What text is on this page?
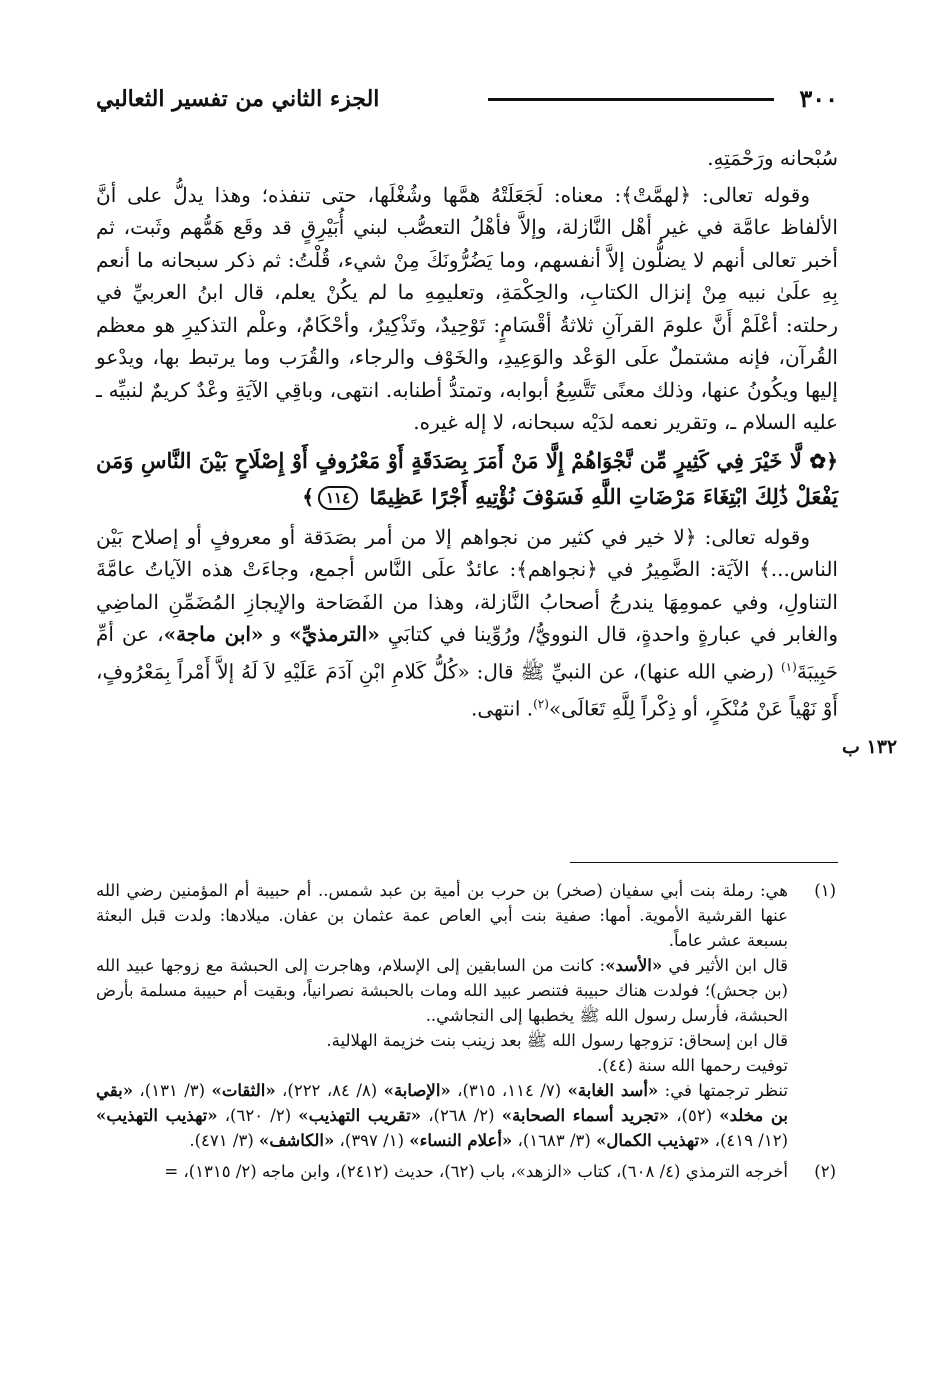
٣٠٠
الجزء الثاني من تفسير الثعالبي

سُبْحانه ورَحْمَتِهِ.

وقوله تعالى: ﴿لهمَّتْ﴾: معناه: لَجَعَلَتْهُ همَّها وشُغْلَها، حتى تنفذه؛ وهذا يدلُّ على أنَّ الألفاظ عامَّة في غير أهْل النَّازلة، وإلاَّ فأهْلُ التعصُّب لبني أُبَيْرِقٍ قد وقَع هَمُّهم وثَبت، ثم أخبر تعالى أنهم لا يضلُّون إلاَّ أنفسهم، وما يَضُرُّونَكَ مِنْ شيء، قُلْتُ: ثم ذكر سبحانه ما أنعم بِهِ علَىٰ نبيه مِنْ إنزال الكتابِ، والحِكْمَةِ، وتعليمِهِ ما لم يكُنْ يعلم، قال ابنُ العربيِّ في رحلته: أعْلَمْ أَنَّ علومَ القرآنِ ثلاثةُ أقْسَامٍ: تَوْحِيدٌ، وتَذْكِيرٌ، وأحْكَامٌ، وعلْم التذكيرِ هو معظم القُرآن، فإنه مشتملٌ علَى الوَعْد والوَعِيدِ، والخَوْف والرجاء، والقُرَب وما يرتبط بها، ويدْعو إليها ويكُونُ عنها، وذلك معنًى تَتَّسِعُ أبوابه، وتمتدُّ أطنابه. انتهى، وباقِي الآيَةِ وعْدٌ كريمٌ لنبيِّه ـ عليه السلام ـ، وتقرير نعمه لدَيْه سبحانه، لا إله غيره.

﴿✿ لَّا خَيْرَ فِي كَثِيرٍ مِّن نَّجْوَاهُمْ إِلَّا مَنْ أَمَرَ بِصَدَقَةٍ أَوْ مَعْرُوفٍ أَوْ إِصْلَاحٍ بَيْنَ النَّاسِ وَمَن يَفْعَلْ ذَٰلِكَ ابْتِغَاءَ مَرْضَاتِ اللَّهِ فَسَوْفَ نُؤْتِيهِ أَجْرًا عَظِيمًا ١١٤﴾

وقوله تعالى: ﴿لا خير في كثير من نجواهم إلا من أمر بصَدَقة أو معروفٍ أو إصلاح بَيْن الناس...﴾ الآيَة: الضَّمِيرُ في ﴿نجواهم﴾: عائدٌ علَى النَّاس أجمع، وجاءَتْ هذه الآياتُ عامَّةَ التناولِ، وفي عمومِهَا يندرجُ أصحابُ النَّازلة، وهذا من الفَصَاحة والإيجازِ المُضَمِّنِ الماضِي والغابر في عبارةٍ واحدةٍ، قال النوويُّ/ ورُوِّينا في كتابَيِ «الترمذيِّ» و «ابن ماجة»، عن أمِّ حَبِيبَةَ$^{(١)}$ (رضي الله عنها)، عن النبيِّ ﷺ قال: «كُلُّ كَلامِ ابْنِ آدَمَ عَلَيْهِ لاَ لَهُ إلاَّ أَمْراً بِمَعْرُوفٍ، أَوْ نَهْياً عَنْ مُنْكَرٍ، أو ذِكْراً لِلَّهِ تَعَالَى»$^{(٢)}$. انتهى.

١٣٢ ب

(١)
هي: رملة بنت أبي سفيان (صخر) بن حرب بن أمية بن عبد شمس.. أم حبيبة أم المؤمنين رضي الله عنها القرشية الأموية. أمها: صفية بنت أبي العاص عمة عثمان بن عفان. ميلادها: ولدت قبل البعثة بسبعة عشر عاماً.

قال ابن الأثير في «الأسد»: كانت من السابقين إلى الإسلام، وهاجرت إلى الحبشة مع زوجها عبيد الله (بن جحش)؛ فولدت هناك حبيبة فتنصر عبيد الله ومات بالحبشة نصرانياً، وبقيت أم حبيبة مسلمة بأرض الحبشة، فأرسل رسول الله ﷺ يخطبها إلى النجاشي..

قال ابن إسحاق: تزوجها رسول الله ﷺ بعد زينب بنت خزيمة الهلالية.

توفيت رحمها الله سنة (٤٤).

تنظر ترجمتها في: «أسد الغابة» (٧/ ١١٤، ٣١٥)، «الإصابة» (٨/ ٨٤، ٢٢٢)، «الثقات» (٣/ ١٣١)، «بقي بن مخلد» (٥٢)، «تجريد أسماء الصحابة» (٢/ ٢٦٨)، «تقريب التهذيب» (٢/ ٦٢٠)، «تهذيب التهذيب» (١٢/ ٤١٩)، «تهذيب الكمال» (٣/ ١٦٨٣)، «أعلام النساء» (١/ ٣٩٧)، «الكاشف» (٣/ ٤٧١).

(٢)
أخرجه الترمذي (٤/ ٦٠٨)، كتاب «الزهد»، باب (٦٢)، حديث (٢٤١٢)، وابن ماجه (٢/ ١٣١٥)، =
